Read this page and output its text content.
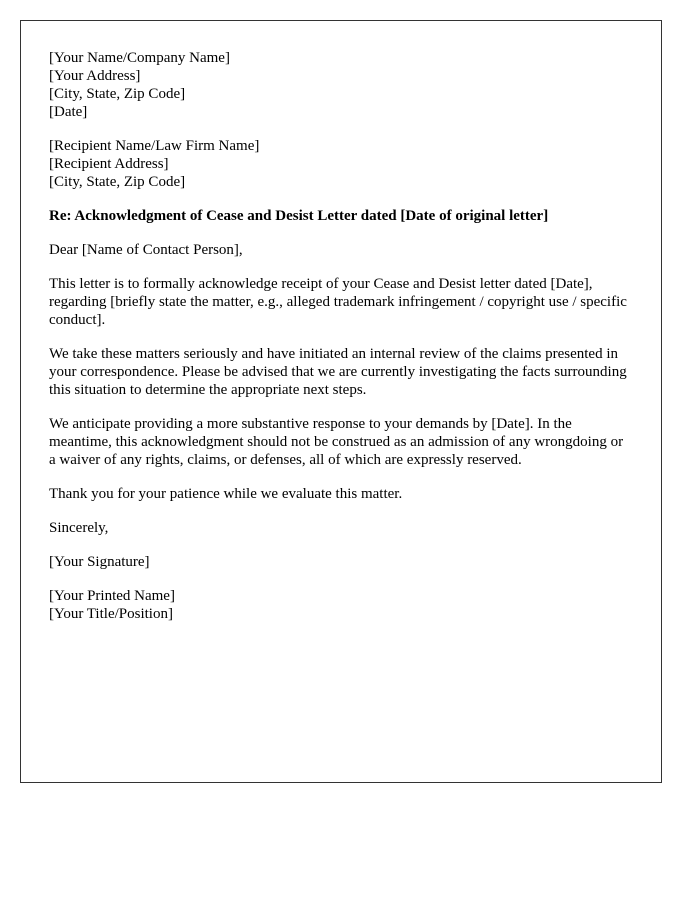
[Your Name/Company Name]
[Your Address]
[City, State, Zip Code]
[Date]
[Recipient Name/Law Firm Name]
[Recipient Address]
[City, State, Zip Code]
Re: Acknowledgment of Cease and Desist Letter dated [Date of original letter]
Dear [Name of Contact Person],
This letter is to formally acknowledge receipt of your Cease and Desist letter dated [Date], regarding [briefly state the matter, e.g., alleged trademark infringement / copyright use / specific conduct].
We take these matters seriously and have initiated an internal review of the claims presented in your correspondence. Please be advised that we are currently investigating the facts surrounding this situation to determine the appropriate next steps.
We anticipate providing a more substantive response to your demands by [Date]. In the meantime, this acknowledgment should not be construed as an admission of any wrongdoing or a waiver of any rights, claims, or defenses, all of which are expressly reserved.
Thank you for your patience while we evaluate this matter.
Sincerely,
[Your Signature]
[Your Printed Name]
[Your Title/Position]
